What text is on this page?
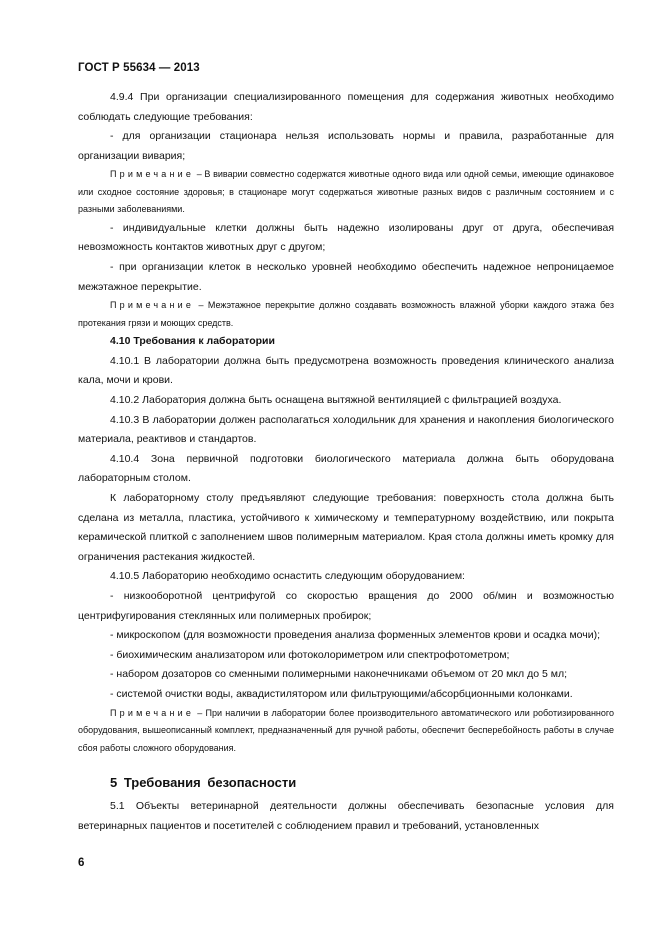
ГОСТ Р 55634 — 2013

4.9.4 При организации специализированного помещения для содержания животных необходимо соблюдать следующие требования:

- для организации стационара нельзя использовать нормы и правила, разработанные для организации вивария;

Примечание – В виварии совместно содержатся животные одного вида или одной семьи, имеющие одинаковое или сходное состояние здоровья; в стационаре могут содержаться животные разных видов с различным состоянием и с разными заболеваниями.

- индивидуальные клетки должны быть надежно изолированы друг от друга, обеспечивая невозможность контактов животных друг с другом;

- при организации клеток в несколько уровней необходимо обеспечить надежное непроницаемое межэтажное перекрытие.

Примечание – Межэтажное перекрытие должно создавать возможность влажной уборки каждого этажа без протекания грязи и моющих средств.

4.10 Требования к лаборатории

4.10.1 В лаборатории должна быть предусмотрена возможность проведения клинического анализа кала, мочи и крови.

4.10.2 Лаборатория должна быть оснащена вытяжной вентиляцией с фильтрацией воздуха.

4.10.3 В лаборатории должен располагаться холодильник для хранения и накопления биологического материала, реактивов и стандартов.

4.10.4 Зона первичной подготовки биологического материала должна быть оборудована лабораторным столом.

К лабораторному столу предъявляют следующие требования: поверхность стола должна быть сделана из металла, пластика, устойчивого к химическому и температурному воздействию, или покрыта керамической плиткой с заполнением швов полимерным материалом. Края стола должны иметь кромку для ограничения растекания жидкостей.

4.10.5 Лабораторию необходимо оснастить следующим оборудованием:

- низкооборотной центрифугой со скоростью вращения до 2000 об/мин и возможностью центрифугирования стеклянных или полимерных пробирок;

- микроскопом (для возможности проведения анализа форменных элементов крови и осадка мочи);

- биохимическим анализатором или фотоколориметром или спектрофотометром;

- набором дозаторов со сменными полимерными наконечниками объемом от 20 мкл до 5 мл;

- системой очистки воды, аквадистилятором или фильтрующими/абсорбционными колонками.

Примечание – При наличии в лаборатории более производительного автоматического или роботизированного оборудования, вышеописанный комплект, предназначенный для ручной работы, обеспечит бесперебойность работы в случае сбоя работы сложного оборудования.

5 Требования безопасности

5.1 Объекты ветеринарной деятельности должны обеспечивать безопасные условия для ветеринарных пациентов и посетителей с соблюдением правил и требований, установленных

6
